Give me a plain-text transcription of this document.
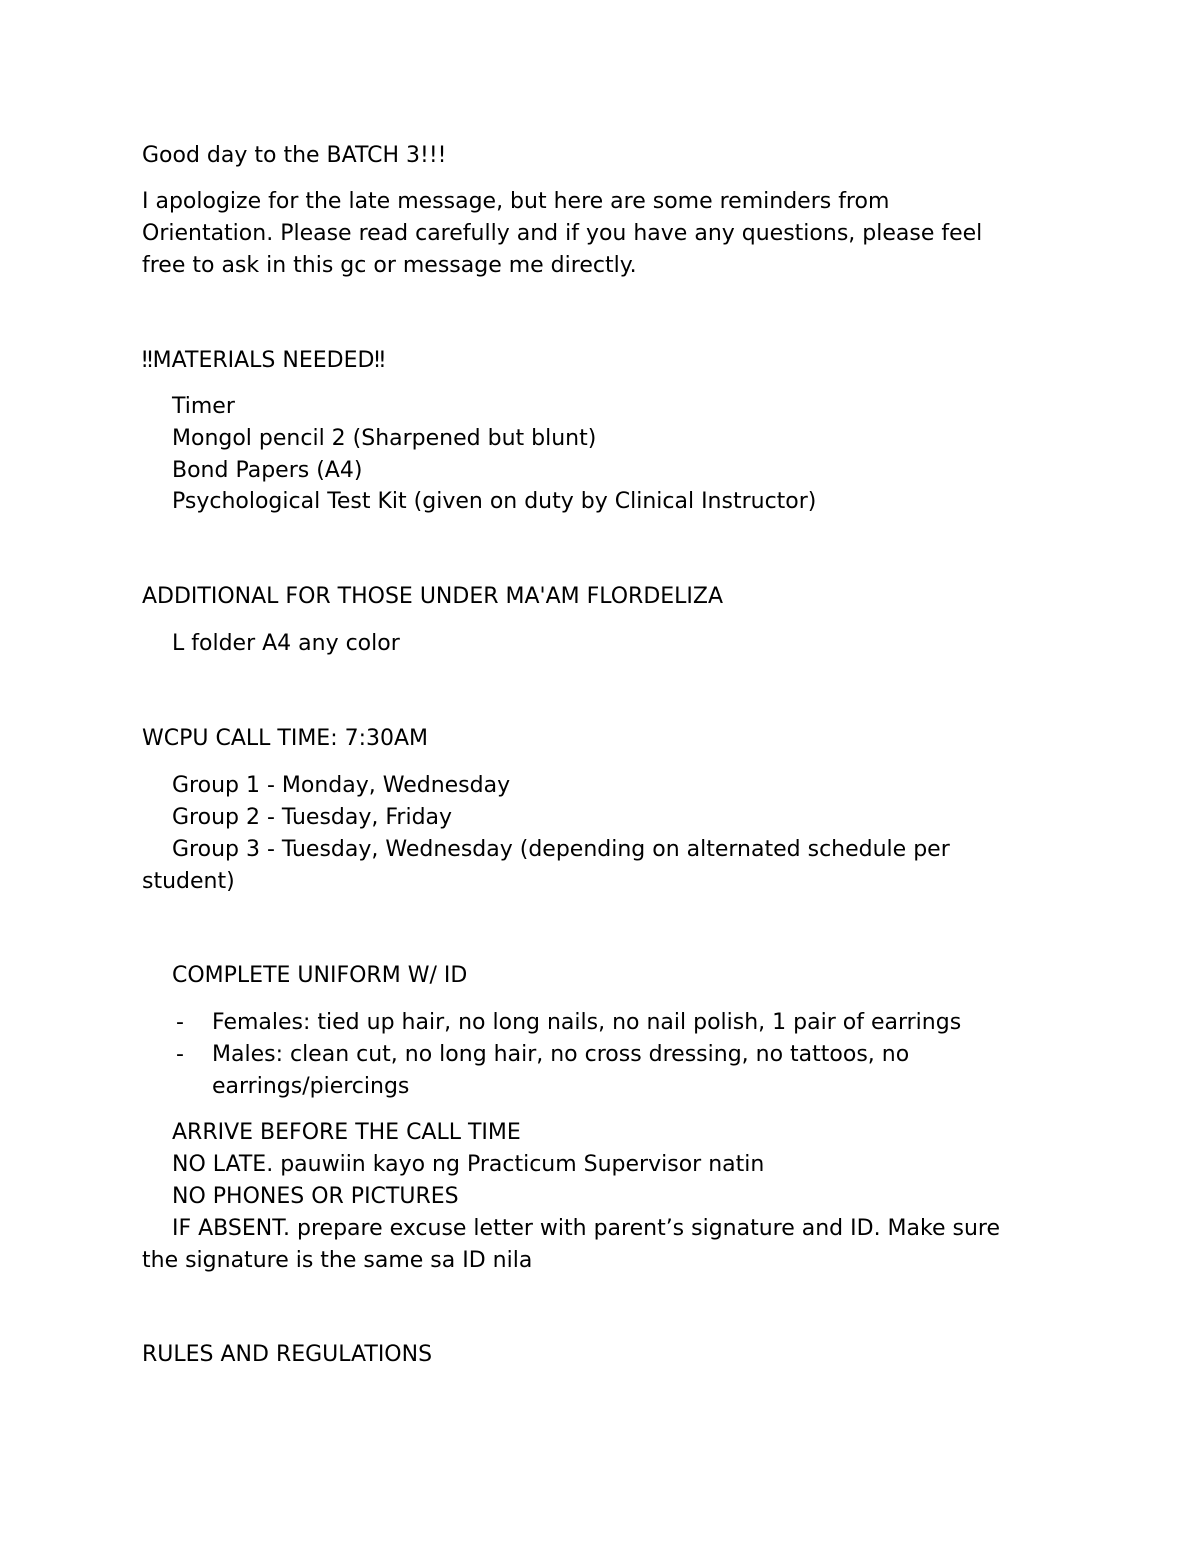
Good day to the BATCH 3!!!

I apologize for the late message, but here are some reminders from

Orientation. Please read carefully and if you have any questions, please feel

free to ask in this gc or message me directly.

‼MATERIALS NEEDED‼

Timer

Mongol pencil 2 (Sharpened but blunt)

Bond Papers (A4)

Psychological Test Kit (given on duty by Clinical Instructor)

ADDITIONAL FOR THOSE UNDER MA'AM FLORDELIZA

L folder A4 any color

WCPU CALL TIME: 7:30AM

Group 1 - Monday, Wednesday

Group 2 - Tuesday, Friday

Group 3 - Tuesday, Wednesday (depending on alternated schedule per

student)

COMPLETE UNIFORM W/ ID

- Females: tied up hair, no long nails, no nail polish, 1 pair of earrings

- Males: clean cut, no long hair, no cross dressing, no tattoos, no

earrings/piercings

ARRIVE BEFORE THE CALL TIME

NO LATE. pauwiin kayo ng Practicum Supervisor natin

NO PHONES OR PICTURES

IF ABSENT. prepare excuse letter with parent’s signature and ID. Make sure

the signature is the same sa ID nila

RULES AND REGULATIONS
